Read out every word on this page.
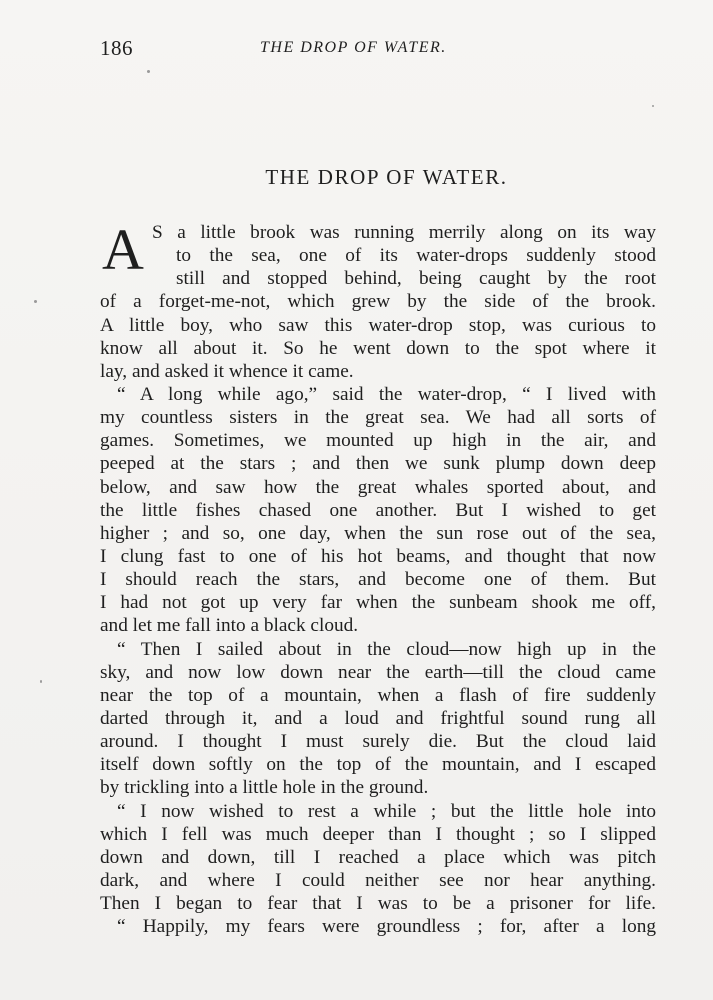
186	THE DROP OF WATER.
THE DROP OF WATER.
A S a little brook was running merrily along on its way
to the sea, one of its water-drops suddenly stood
still and stopped behind, being caught by the root
of a forget-me-not, which grew by the side of the brook.
A little boy, who saw this water-drop stop, was curious to
know all about it. So he went down to the spot where it
lay, and asked it whence it came.
“ A long while ago,” said the water-drop, “ I lived with
my countless sisters in the great sea. We had all sorts of
games. Sometimes, we mounted up high in the air, and
peeped at the stars ; and then we sunk plump down deep
below, and saw how the great whales sported about, and
the little fishes chased one another. But I wished to get
higher ; and so, one day, when the sun rose out of the sea,
I clung fast to one of his hot beams, and thought that now
I should reach the stars, and become one of them. But
I had not got up very far when the sunbeam shook me off,
and let me fall into a black cloud.
“ Then I sailed about in the cloud—now high up in the
sky, and now low down near the earth—till the cloud came
near the top of a mountain, when a flash of fire suddenly
darted through it, and a loud and frightful sound rung all
around. I thought I must surely die. But the cloud laid
itself down softly on the top of the mountain, and I escaped
by trickling into a little hole in the ground.
“ I now wished to rest a while ; but the little hole into
which I fell was much deeper than I thought ; so I slipped
down and down, till I reached a place which was pitch
dark, and where I could neither see nor hear anything.
Then I began to fear that I was to be a prisoner for life.
“ Happily, my fears were groundless ; for, after a long
